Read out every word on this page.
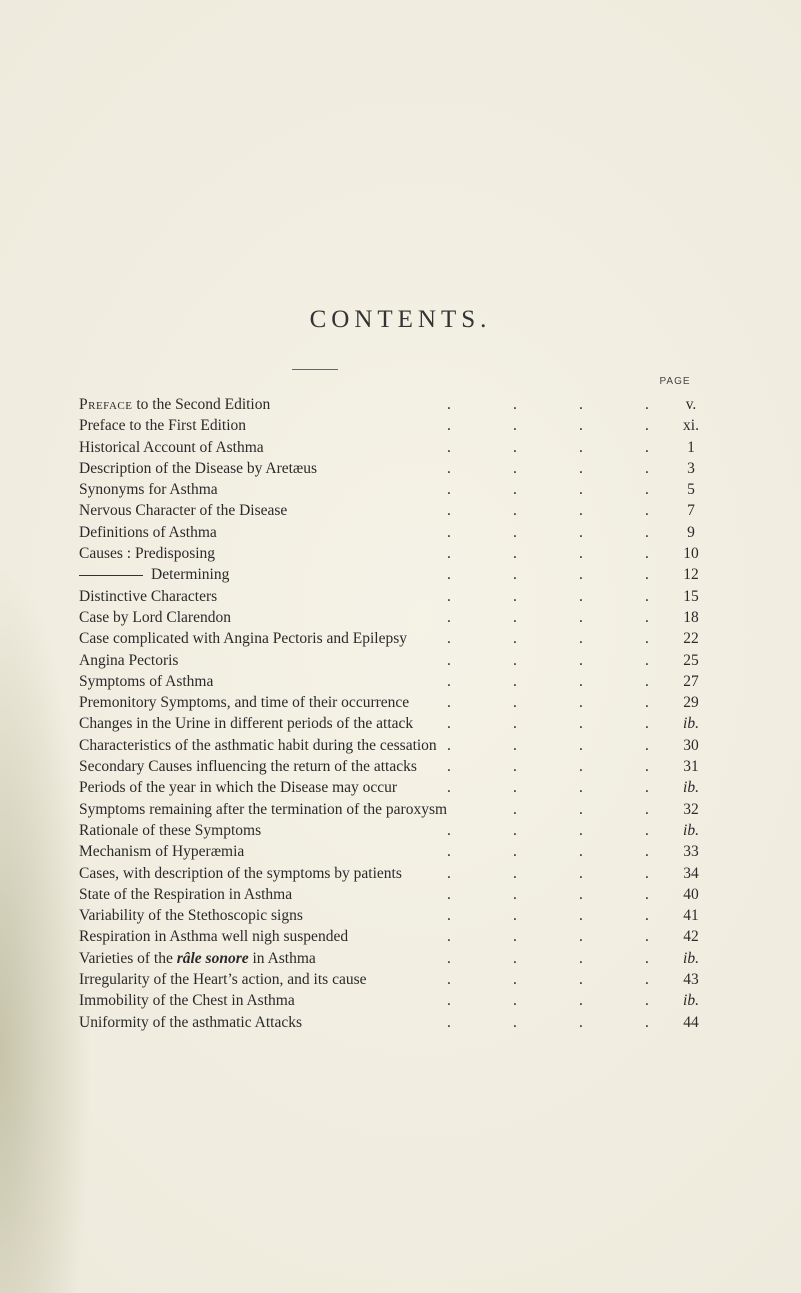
CONTENTS.
PAGE
Preface to the Second Edition	.	.	.	.	v.
Preface to the First Edition	.	.	.	.	xi.
Historical Account of Asthma	.	.	.	.	1
Description of the Disease by Aretæus	.	.	.	.	3
Synonyms for Asthma	.	.	.	.	5
Nervous Character of the Disease	.	.	.	.	7
Definitions of Asthma	.	.	.	.	9
Causes : Predisposing	.	.	.	.	10
Determining	.	.	.	.	12
Distinctive Characters	.	.	.	.	15
Case by Lord Clarendon	.	.	.	.	18
Case complicated with Angina Pectoris and Epilepsy	.	.	.	.	22
Angina Pectoris	.	.	.	.	25
Symptoms of Asthma	.	.	.	.	27
Premonitory Symptoms, and time of their occurrence .	.	.	.	29
Changes in the Urine in different periods of the attack .	.	.	.	ib.
Characteristics of the asthmatic habit during the cessation .	.	.	.	30
Secondary Causes influencing the return of the attacks .	.	.	.	31
Periods of the year in which the Disease may occur	.	.	.	.	ib.
Symptoms remaining after the termination of the paroxysm	.	.	.	32
Rationale of these Symptoms	.	.	.	.	ib.
Mechanism of Hyperæmia	.	.	.	.	33
Cases, with description of the symptoms by patients	.	.	.	.	34
State of the Respiration in Asthma	.	.	.	.	40
Variability of the Stethoscopic signs	.	.	.	.	41
Respiration in Asthma well nigh suspended	.	.	.	.	42
Varieties of the râle sonore in Asthma	.	.	.	.	ib.
Irregularity of the Heart’s action, and its cause	.	.	.	.	43
Immobility of the Chest in Asthma	.	.	.	.	ib.
Uniformity of the asthmatic Attacks	.	.	.	.	44
